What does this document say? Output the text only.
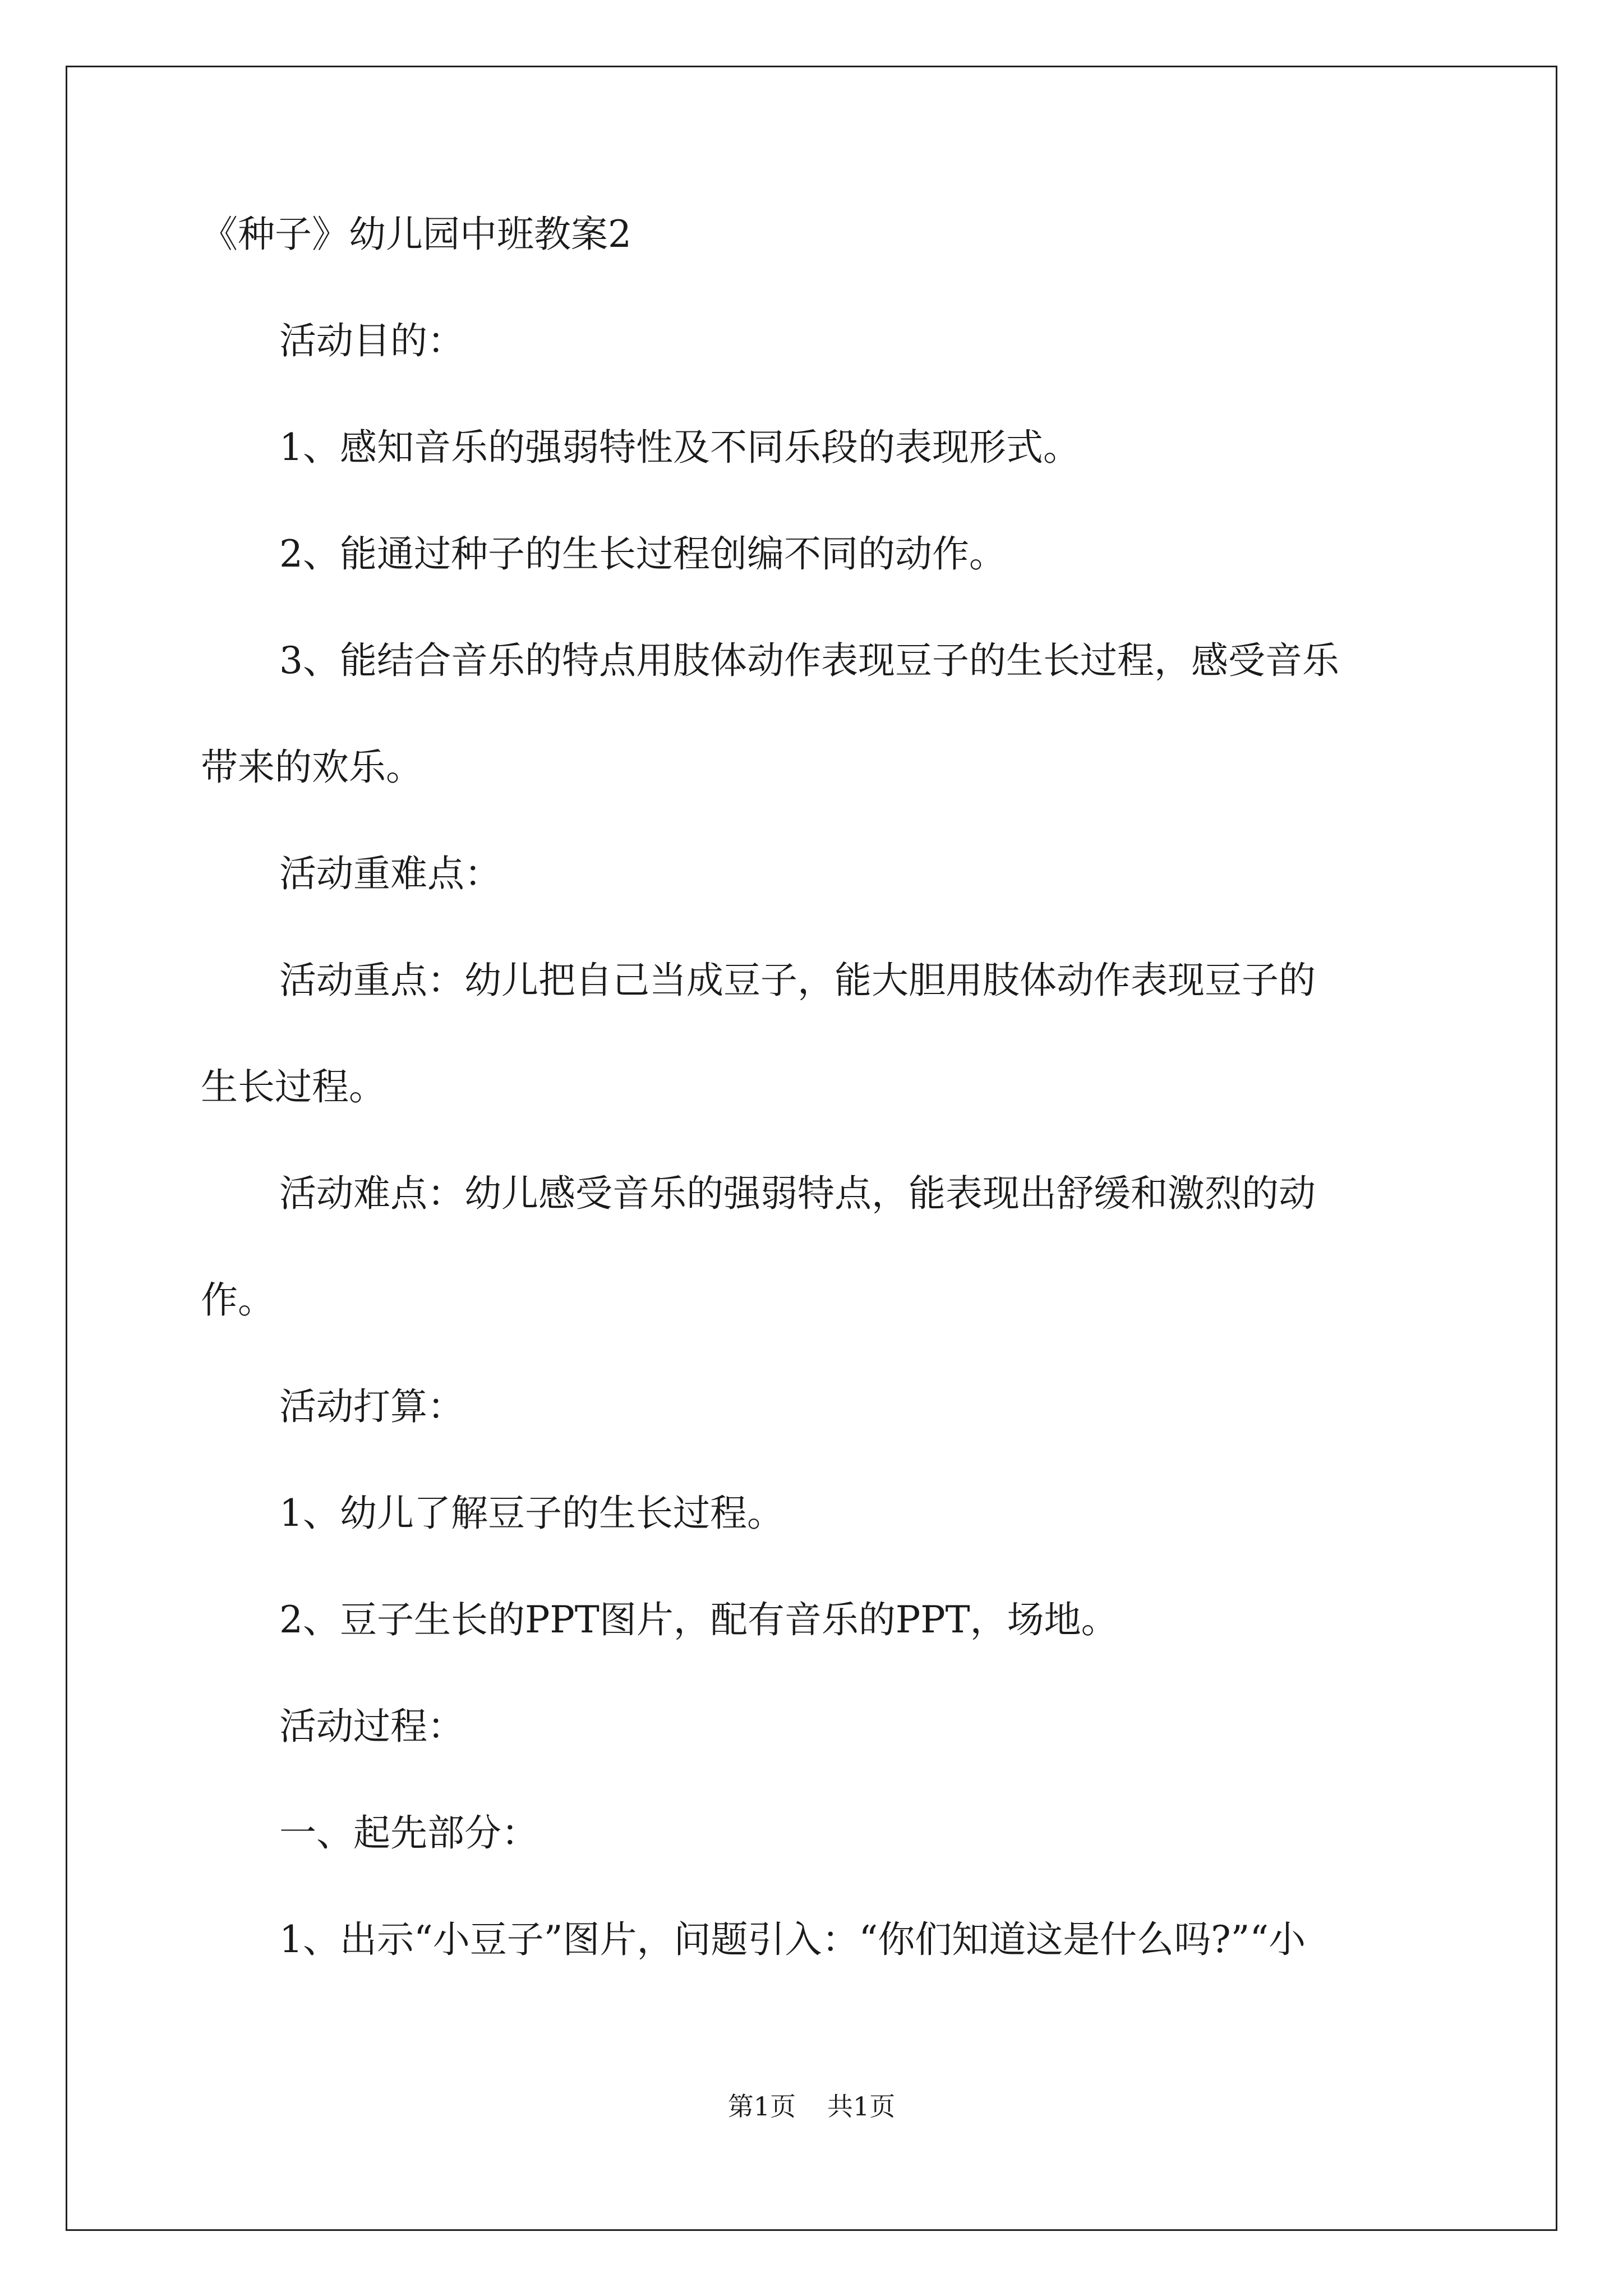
《种子》幼儿园中班教案2

活动目的：

1、感知音乐的强弱特性及不同乐段的表现形式。

2、能通过种子的生长过程创编不同的动作。

3、能结合音乐的特点用肢体动作表现豆子的生长过程，感受音乐

带来的欢乐。

活动重难点：

活动重点：幼儿把自己当成豆子，能大胆用肢体动作表现豆子的

生长过程。

活动难点：幼儿感受音乐的强弱特点，能表现出舒缓和激烈的动

作。

活动打算：

1、幼儿了解豆子的生长过程。

2、豆子生长的PPT图片，配有音乐的PPT，场地。

活动过程：

一、起先部分：

1、出示“小豆子”图片，问题引入：“你们知道这是什么吗?”“小

第1页 共1页
